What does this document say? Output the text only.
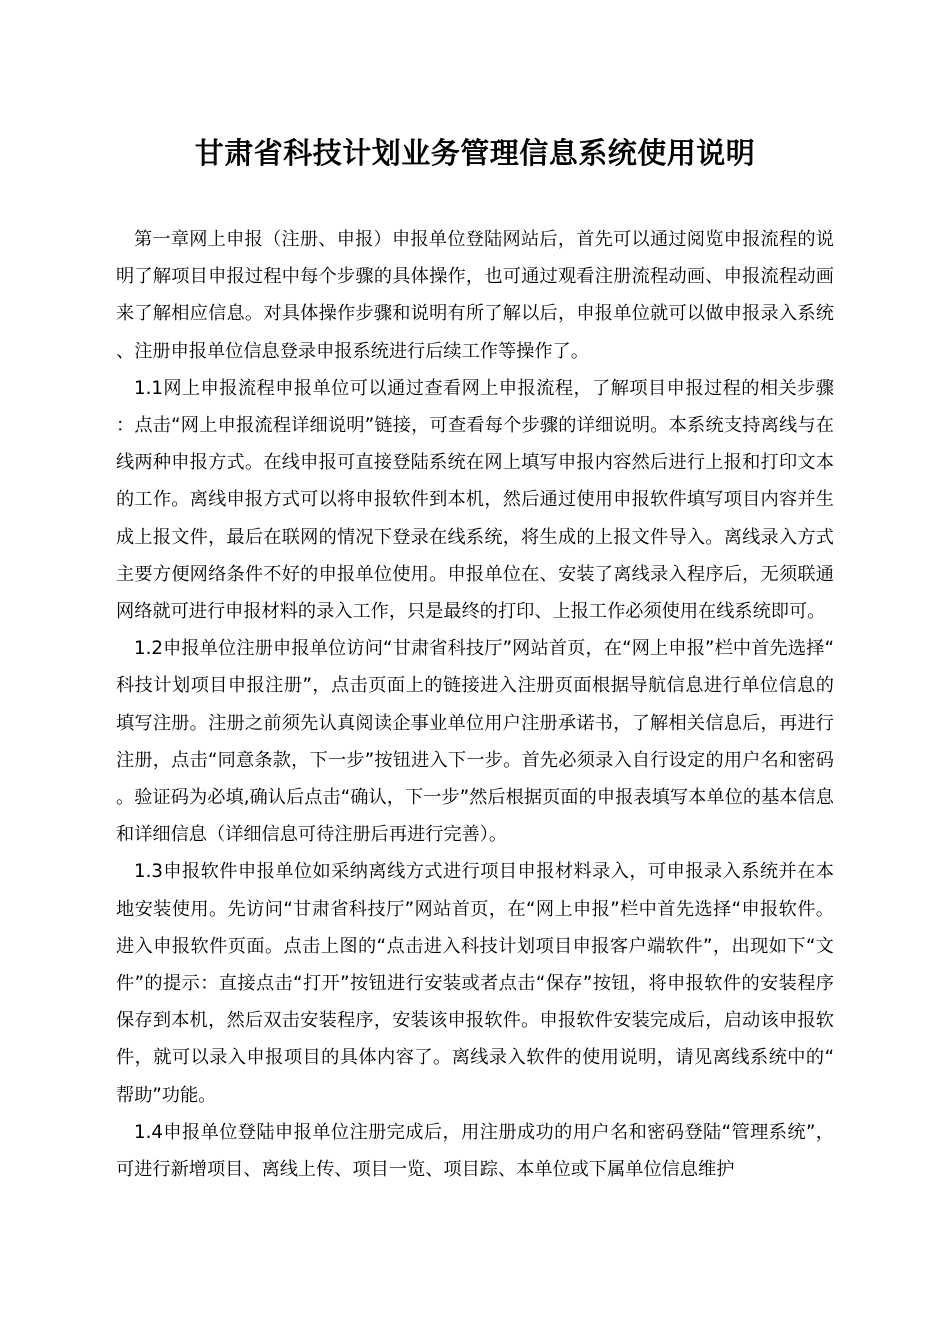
甘肃省科技计划业务管理信息系统使用说明

第一章网上申报（注册、申报）申报单位登陆网站后，首先可以通过阅览申报流程的说明了解项目申报过程中每个步骤的具体操作，也可通过观看注册流程动画、申报流程动画来了解相应信息。对具体操作步骤和说明有所了解以后，申报单位就可以做申报录入系统、注册申报单位信息登录申报系统进行后续工作等操作了。

1.1网上申报流程申报单位可以通过查看网上申报流程，了解项目申报过程的相关步骤：点击“网上申报流程详细说明”链接，可查看每个步骤的详细说明。本系统支持离线与在线两种申报方式。在线申报可直接登陆系统在网上填写申报内容然后进行上报和打印文本的工作。离线申报方式可以将申报软件到本机，然后通过使用申报软件填写项目内容并生成上报文件，最后在联网的情况下登录在线系统，将生成的上报文件导入。离线录入方式主要方便网络条件不好的申报单位使用。申报单位在、安装了离线录入程序后，无须联通网络就可进行申报材料的录入工作，只是最终的打印、上报工作必须使用在线系统即可。

1.2申报单位注册申报单位访问“甘肃省科技厅”网站首页，在“网上申报”栏中首先选择“科技计划项目申报注册”，点击页面上的链接进入注册页面根据导航信息进行单位信息的填写注册。注册之前须先认真阅读企事业单位用户注册承诺书，了解相关信息后，再进行注册，点击“同意条款，下一步”按钮进入下一步。首先必须录入自行设定的用户名和密码。验证码为必填,确认后点击“确认，下一步”然后根据页面的申报表填写本单位的基本信息和详细信息（详细信息可待注册后再进行完善）。

1.3申报软件申报单位如采纳离线方式进行项目申报材料录入，可申报录入系统并在本地安装使用。先访问“甘肃省科技厅”网站首页，在“网上申报”栏中首先选择“申报软件。进入申报软件页面。点击上图的“点击进入科技计划项目申报客户端软件”，出现如下“文件”的提示：直接点击“打开”按钮进行安装或者点击“保存”按钮，将申报软件的安装程序保存到本机，然后双击安装程序，安装该申报软件。申报软件安装完成后，启动该申报软件，就可以录入申报项目的具体内容了。离线录入软件的使用说明，请见离线系统中的“帮助”功能。

1.4申报单位登陆申报单位注册完成后，用注册成功的用户名和密码登陆“管理系统”，可进行新增项目、离线上传、项目一览、项目踪、本单位或下属单位信息维护
